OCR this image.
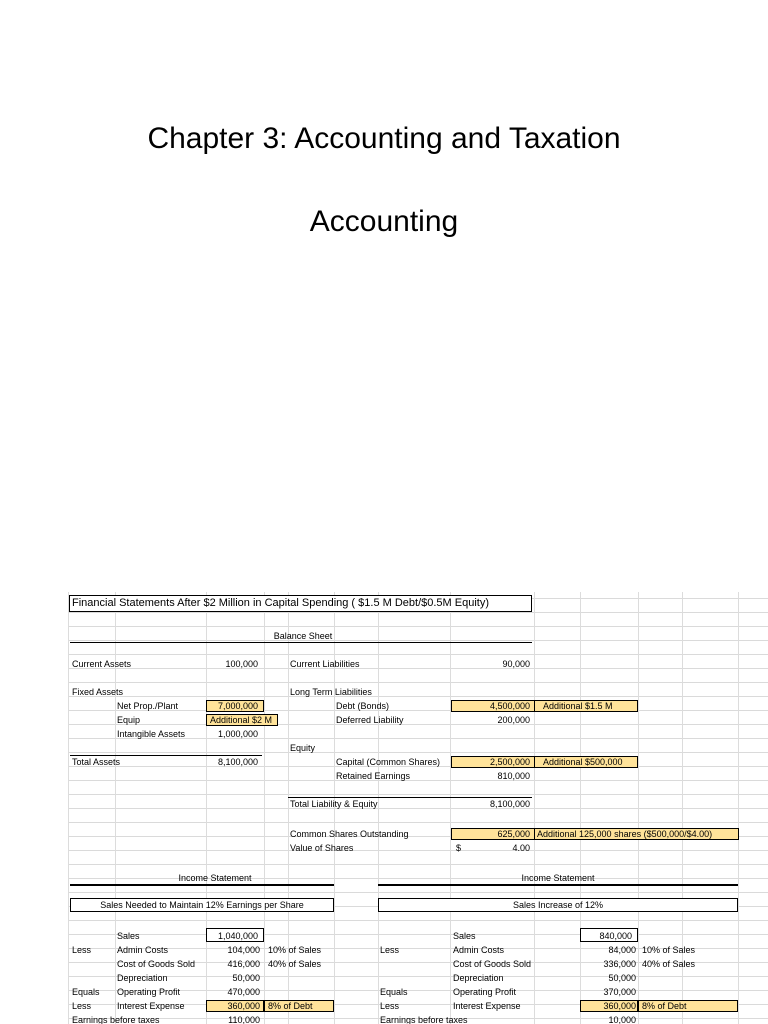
Chapter 3: Accounting and Taxation
Accounting
Financial Statements After $2 Million in Capital Spending ( $1.5 M Debt/$0.5M Equity)
Balance Sheet
Current Assets	100,000	Current Liabilities	90,000
Fixed Assets	Long Term Liabilities
Net Prop./Plant	7,000,000	Debt (Bonds)	4,500,000 Additional $1.5 M
Equip	Additional $2 M	Deferred Liability	200,000
Intangible Assets	1,000,000
Equity
Total Assets	8,100,000	Capital (Common Shares)	2,500,000 Additional $500,000
Retained Earnings	810,000
Total Liability & Equity	8,100,000
Common Shares Outstanding	625,000 Additional 125,000 shares ($500,000/$4.00)
Value of Shares	$	4.00
Income Statement	Income Statement
Sales Needed to Maintain 12% Earnings per Share	Sales Increase of 12%
Sales	1,040,000
Less	Admin Costs	104,000 10% of Sales
Cost of Goods Sold	416,000 40% of Sales
Depreciation	50,000
Equals Operating Profit	470,000
Less	Interest Expense	360,000 8% of Debt
Earnings before taxes	110,000
Sales	840,000
Less	Admin Costs	84,000 10% of Sales
Cost of Goods Sold	336,000 40% of Sales
Depreciation	50,000
Equals	Operating Profit	370,000
Less	Interest Expense	360,000 8% of Debt
Earnings before taxes	10,000
